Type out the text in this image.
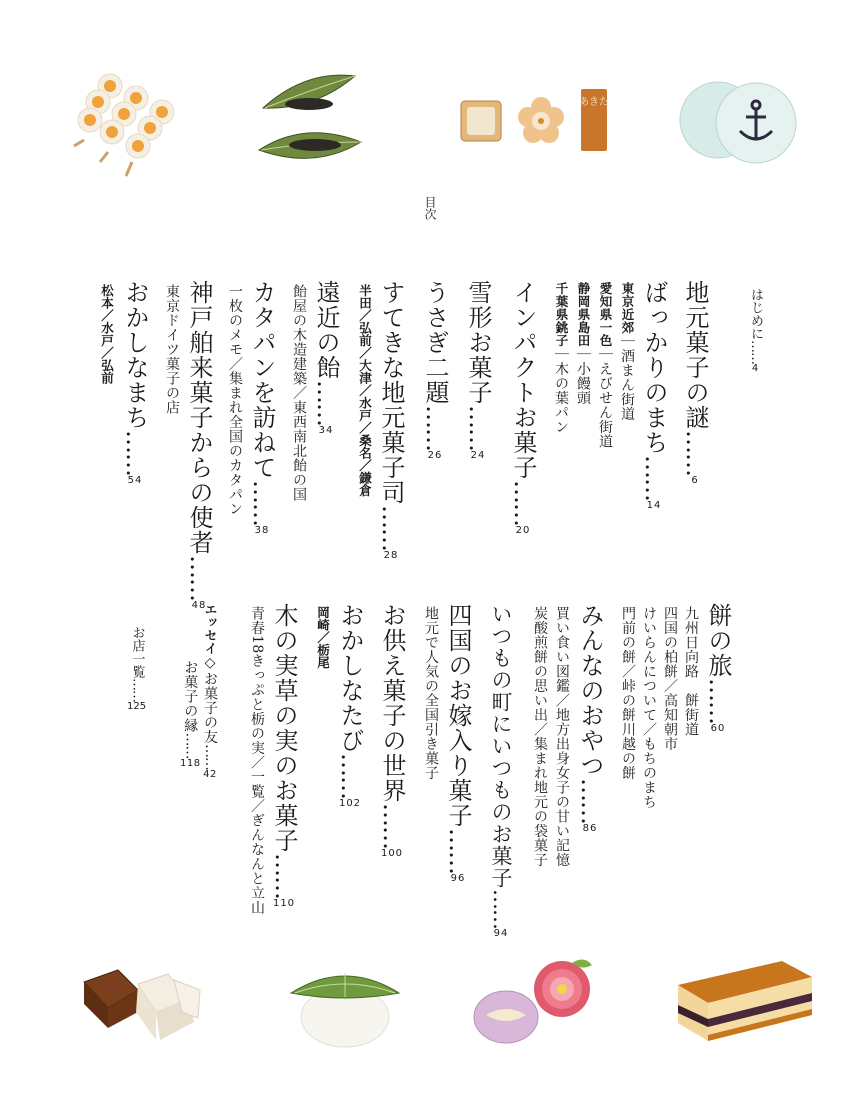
あきた
目次
はじめに……4
地元菓子の謎……6
ばっかりのまち……14
東京近郊｜酒まん街道
愛知県一色｜えびせん街道
静岡県島田｜小饅頭
千葉県銚子｜木の葉パン
インパクトお菓子……20
雪形お菓子……24
うさぎ二題……26
すてきな地元菓子司……28
半田／弘前／大津／水戸／桑名／鎌倉
遠近の飴……34
飴屋の木造建築／東西南北飴の国
カタパンを訪ねて……38
一枚のメモ／集まれ全国のカタパン
神戸舶来菓子からの使者……48
東京ドイツ菓子の店
おかしなまち……54
松本／水戸／弘前
餅の旅……60
九州日向路　餅街道
四国の柏餅／高知朝市
けいらんについて／もちのまち
門前の餅／峠の餅川越の餅
みんなのおやつ……86
買い食い図鑑／地方出身女子の甘い記憶
炭酸煎餅の思い出／集まれ地元の袋菓子
いつもの町にいつものお菓子……94
四国のお嫁入り菓子……96
地元で人気の全国引き菓子
お供え菓子の世界……100
おかしなたび……102
岡崎／栃尾
木の実草の実のお菓子……110
青春18きっぷと栃の実／一覧／ぎんなんと立山
エッセイ◇お菓子の友……42
お菓子の縁……118
お店一覧……125
